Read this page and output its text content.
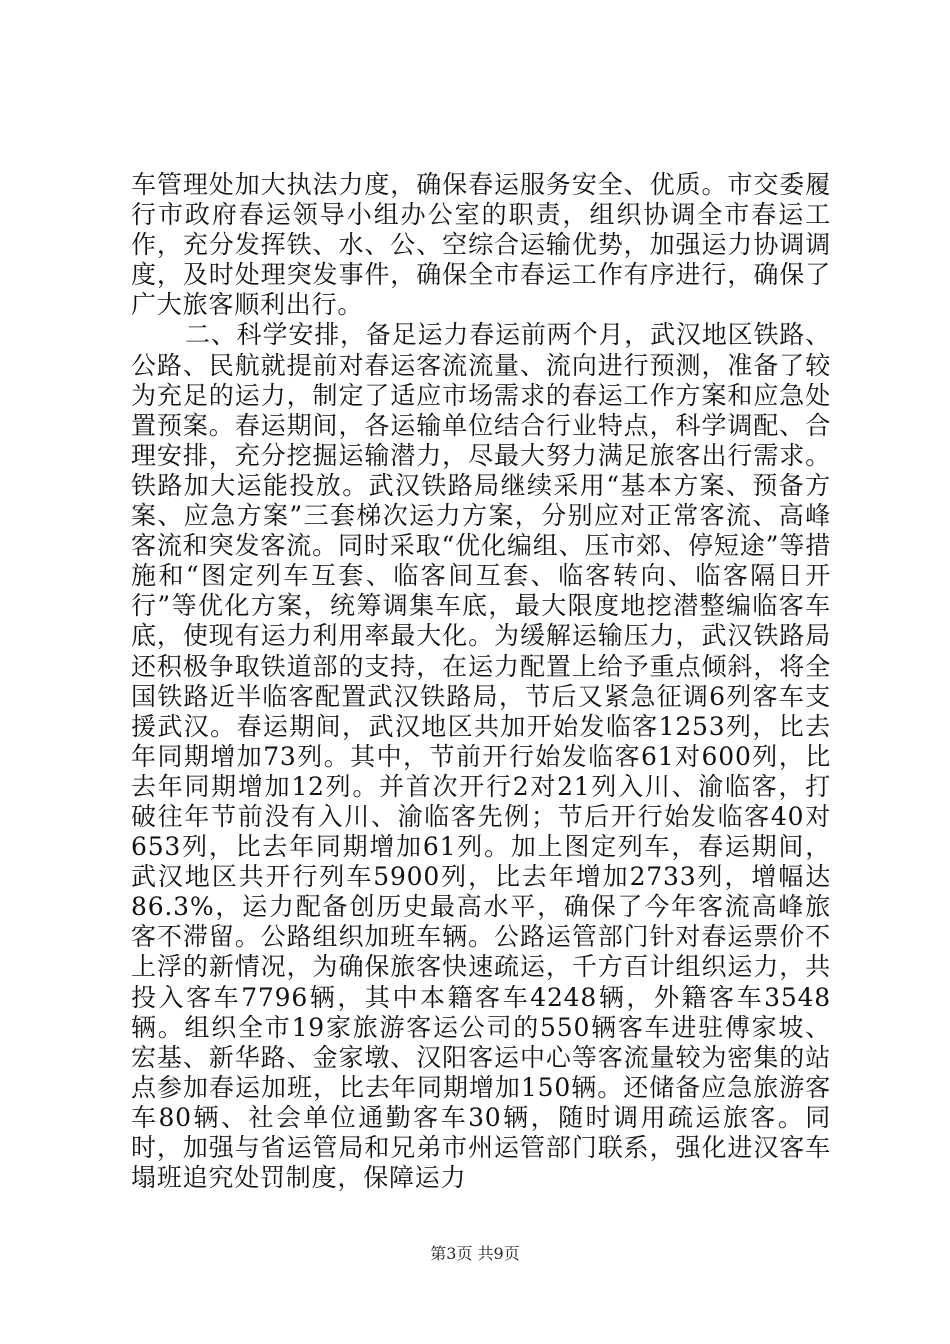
车管理处加大执法力度，确保春运服务安全、优质。市交委履行市政府春运领导小组办公室的职责，组织协调全市春运工作，充分发挥铁、水、公、空综合运输优势，加强运力协调调度，及时处理突发事件，确保全市春运工作有序进行，确保了广大旅客顺利出行。

二、科学安排，备足运力春运前两个月，武汉地区铁路、公路、民航就提前对春运客流流量、流向进行预测，准备了较为充足的运力，制定了适应市场需求的春运工作方案和应急处置预案。春运期间，各运输单位结合行业特点，科学调配、合理安排，充分挖掘运输潜力，尽最大努力满足旅客出行需求。铁路加大运能投放。武汉铁路局继续采用“基本方案、预备方案、应急方案”三套梯次运力方案，分别应对正常客流、高峰客流和突发客流。同时采取“优化编组、压市郊、停短途”等措施和“图定列车互套、临客间互套、临客转向、临客隔日开行”等优化方案，统筹调集车底，最大限度地挖潜整编临客车底，使现有运力利用率最大化。为缓解运输压力，武汉铁路局还积极争取铁道部的支持，在运力配置上给予重点倾斜，将全国铁路近半临客配置武汉铁路局，节后又紧急征调6列客车支援武汉。春运期间，武汉地区共加开始发临客1253列，比去年同期增加73列。其中，节前开行始发临客61对600列，比去年同期增加12列。并首次开行2对21列入川、渝临客，打破往年节前没有入川、渝临客先例；节后开行始发临客40对653列，比去年同期增加61列。加上图定列车，春运期间，武汉地区共开行列车5900列，比去年增加2733列，增幅达86.3%，运力配备创历史最高水平，确保了今年客流高峰旅客不滞留。公路组织加班车辆。公路运管部门针对春运票价不上浮的新情况，为确保旅客快速疏运，千方百计组织运力，共投入客车7796辆，其中本籍客车4248辆，外籍客车3548辆。组织全市19家旅游客运公司的550辆客车进驻傅家坡、宏基、新华路、金家墩、汉阳客运中心等客流量较为密集的站点参加春运加班，比去年同期增加150辆。还储备应急旅游客车80辆、社会单位通勤客车30辆，随时调用疏运旅客。同时，加强与省运管局和兄弟市州运管部门联系，强化进汉客车塌班追究处罚制度，保障运力

第3页 共9页
